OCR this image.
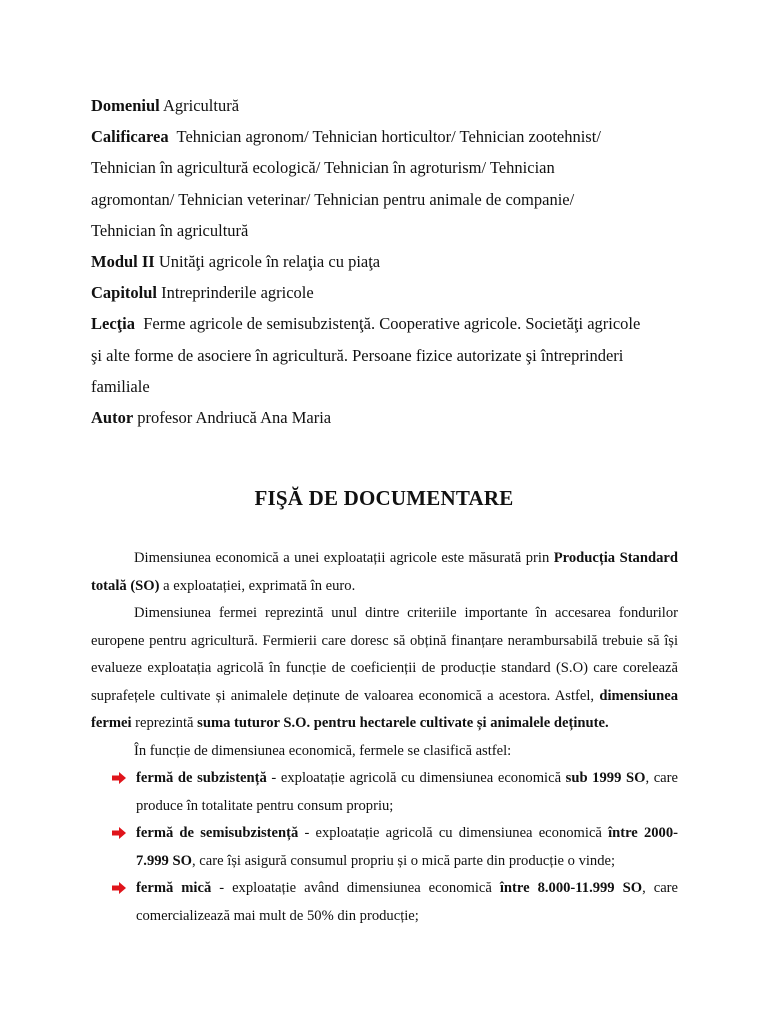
Domeniul Agricultură
Calificarea Tehnician agronom/ Tehnician horticultor/ Tehnician zootehnist/
Tehnician în agricultură ecologică/ Tehnician în agroturism/ Tehnician
agromontan/ Tehnician veterinar/ Tehnician pentru animale de companie/
Tehnician în agricultură
Modul II Unităţi agricole în relaţia cu piaţa
Capitolul Intreprinderile agricole
Lecţia Ferme agricole de semisubzistenţă. Cooperative agricole. Societăţi agricole
şi alte forme de asociere în agricultură. Persoane fizice autorizate şi întreprinderi
familiale
Autor profesor Andriucă Ana Maria
FIŞĂ DE DOCUMENTARE

Dimensiunea economică a unei exploatații agricole este măsurată prin Producția Standard totală (SO) a exploatației, exprimată în euro.

Dimensiunea fermei reprezintă unul dintre criteriile importante în accesarea fondurilor europene pentru agricultură. Fermierii care doresc să obțină finanțare nerambursabilă trebuie să își evalueze exploatația agricolă în funcție de coeficienții de producție standard (S.O) care corelează suprafețele cultivate și animalele deținute de valoarea economică a acestora. Astfel, dimensiunea fermei reprezintă suma tuturor S.O. pentru hectarele cultivate și animalele deținute.

În funcție de dimensiunea economică, fermele se clasifică astfel:

fermă de subzistență - exploatație agricolă cu dimensiunea economică sub 1999 SO, care produce în totalitate pentru consum propriu;
fermă de semisubzistență - exploatație agricolă cu dimensiunea economică între 2000-7.999 SO, care își asigură consumul propriu și o mică parte din producție o vinde;
fermă mică - exploatație având dimensiunea economică între 8.000-11.999 SO, care comercializează mai mult de 50% din producție;
